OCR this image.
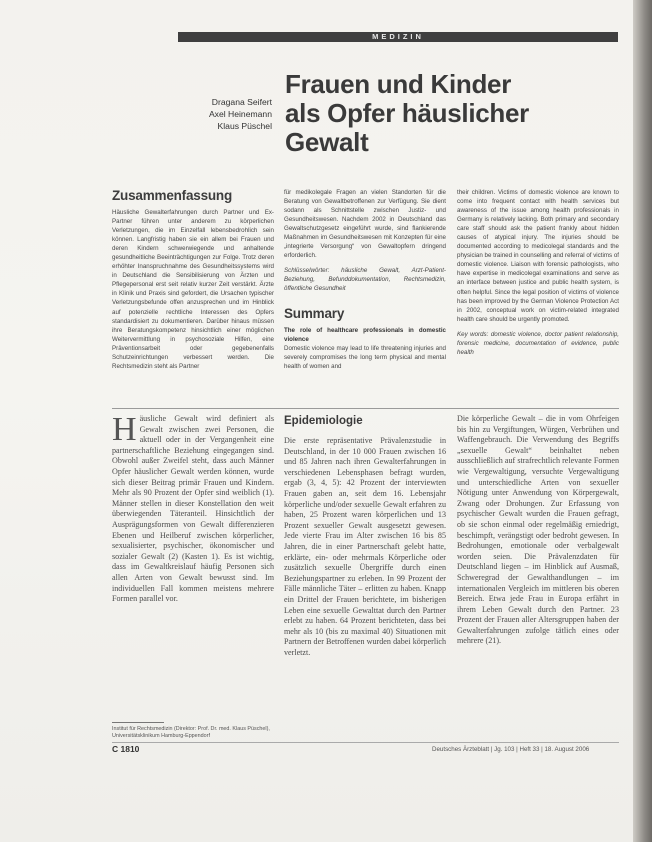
MEDIZIN
Dragana Seifert
Axel Heinemann
Klaus Püschel
Frauen und Kinder
als Opfer häuslicher
Gewalt
Zusammenfassung
Häusliche Gewalterfahrungen durch Partner und Ex-Partner führen unter anderem zu körperlichen Verletzungen, die im Einzelfall lebensbedrohlich sein können. Langfristig haben sie ein allem bei Frauen und deren Kindern schwerwiegende und anhaltende gesundheitliche Beeinträchtigungen zur Folge. Trotz deren erhöhter Inanspruchnahme des Gesundheitssystems wird in Deutschland die Sensibilisierung von Ärzten und Pflegepersonal erst seit relativ kurzer Zeit verstärkt. Ärzte in Klinik und Praxis sind gefordert, die Ursachen typischer Verletzungsbefunde offen anzusprechen und im Hinblick auf potenzielle rechtliche Interessen des Opfers standardisiert zu dokumentieren. Darüber hinaus müssen ihre Beratungskompetenz hinsichtlich einer möglichen Weitervermittlung in psychosoziale Hilfen, eine Präventionsarbeit oder gegebenenfalls Schutzeinrichtungen verbessert werden. Die Rechtsmedizin steht als Partner
für medikolegale Fragen an vielen Standorten für die Beratung von Gewaltbetroffenen zur Verfügung. Sie dient sodann als Schnittstelle zwischen Justiz- und Gesundheitswesen. Nachdem 2002 in Deutschland das Gewaltschutzgesetz eingeführt wurde, sind flankierende Maßnahmen im Gesundheitswesen mit Konzepten für eine „integrierte Versorgung“ von Gewaltopfern dringend erforderlich.
Schlüsselwörter: häusliche Gewalt, Arzt-Patient-Beziehung, Befunddokumentation, Rechtsmedizin, öffentliche Gesundheit
Summary
The role of healthcare professionals in domestic violence
Domestic violence may lead to life threatening injuries and severely compromises the long term physical and mental health of women and
their children. Victims of domestic violence are known to come into frequent contact with health services but awareness of the issue among health professionals in Germany is relatively lacking. Both primary and secondary care staff should ask the patient frankly about hidden causes of atypical injury. The injuries should be documented according to medicolegal standards and the physician be trained in counselling and referral of victims of domestic violence. Liaison with forensic pathologists, who have expertise in medicolegal examinations and serve as an interface between justice and public health system, is often helpful. Since the legal position of victims of violence has been improved by the German Violence Protection Act in 2002, conceptual work on victim-related integrated health care should be urgently promoted.
Key words: domestic violence, doctor patient relationship, forensic medicine, documentation of evidence, public health
H äusliche Gewalt wird definiert als Gewalt zwischen zwei Personen, die aktuell oder in der Vergangenheit eine partnerschaftliche Beziehung eingegangen sind. Obwohl außer Zweifel steht, dass auch Männer Opfer häuslicher Gewalt werden können, wurde sich dieser Beitrag primär Frauen und Kindern. Mehr als 90 Prozent der Opfer sind weiblich (1). Männer stellen in dieser Konstellation den weit überwiegenden Täteranteil. Hinsichtlich der Ausprägungsformen von Gewalt differenzieren Ebenen und Heilberuf zwischen körperlicher, sexualisierter, psychischer, ökonomischer und sozialer Gewalt (2) (Kasten 1). Es ist wichtig, dass im Gewaltkreislauf häufig Personen sich allen Arten von Gewalt bewusst sind. Im individuellen Fall kommen meistens mehrere Formen parallel vor.
Epidemiologie
Die erste repräsentative Prävalenzstudie in Deutschland, in der 10 000 Frauen zwischen 16 und 85 Jahren nach ihren Gewalterfahrungen in verschiedenen Lebensphasen befragt wurden, ergab (3, 4, 5): 42 Prozent der interviewten Frauen gaben an, seit dem 16. Lebensjahr körperliche und/oder sexuelle Gewalt erfahren zu haben, 25 Prozent waren körperlichen und 13 Prozent sexueller Gewalt ausgesetzt gewesen. Jede vierte Frau im Alter zwischen 16 bis 85 Jahren, die in einer Partnerschaft gelebt hatte, erklärte, ein- oder mehrmals Körperliche oder zusätzlich sexuelle Übergriffe durch einen Beziehungspartner zu erleben. In 99 Prozent der Fälle männliche Täter – erlitten zu haben. Knapp ein Drittel der Frauen berichtete, im bisherigen Leben eine sexuelle Gewalttat durch den Partner erlebt zu haben. 64 Prozent berichteten, dass bei mehr als 10 (bis zu maximal 40) Situationen mit Partnern der Betroffenen wurden dabei körperlich verletzt.
Die körperliche Gewalt – die in vom Ohrfeigen bis hin zu Vergiftungen, Würgen, Verbrühen und Waffengebrauch. Die Verwendung des Begriffs „sexuelle Gewalt“ beinhaltet neben ausschließlich auf strafrechtlich relevante Formen wie Vergewaltigung, versuchte Vergewaltigung und unterschiedliche Arten von sexueller Nötigung unter Anwendung von Körpergewalt, Zwang oder Drohungen. Zur Erfassung von psychischer Gewalt wurden die Frauen gefragt, ob sie schon einmal oder regelmäßig erniedrigt, beschimpft, verängstigt oder bedroht gewesen. In Bedrohungen, emotionale oder verbalgewalt worden seien. Die Prävalenzdaten für Deutschland liegen – im Hinblick auf Ausmaß, Schweregrad der Gewalthandlungen – im internationalen Vergleich im mittleren bis oberen Bereich. Etwa jede Frau in Europa erfährt in ihrem Leben Gewalt durch den Partner. 23 Prozent der Frauen aller Altersgruppen haben der Gewalterfahrungen zufolge tätlich eines oder mehrere (21).
Institut für Rechtsmedizin (Direktor: Prof. Dr. med. Klaus Püschel), Universitätsklinikum Hamburg-Eppendorf
C 1810	Deutsches Ärzteblatt | Jg. 103 | Heft 33 | 18. August 2006
